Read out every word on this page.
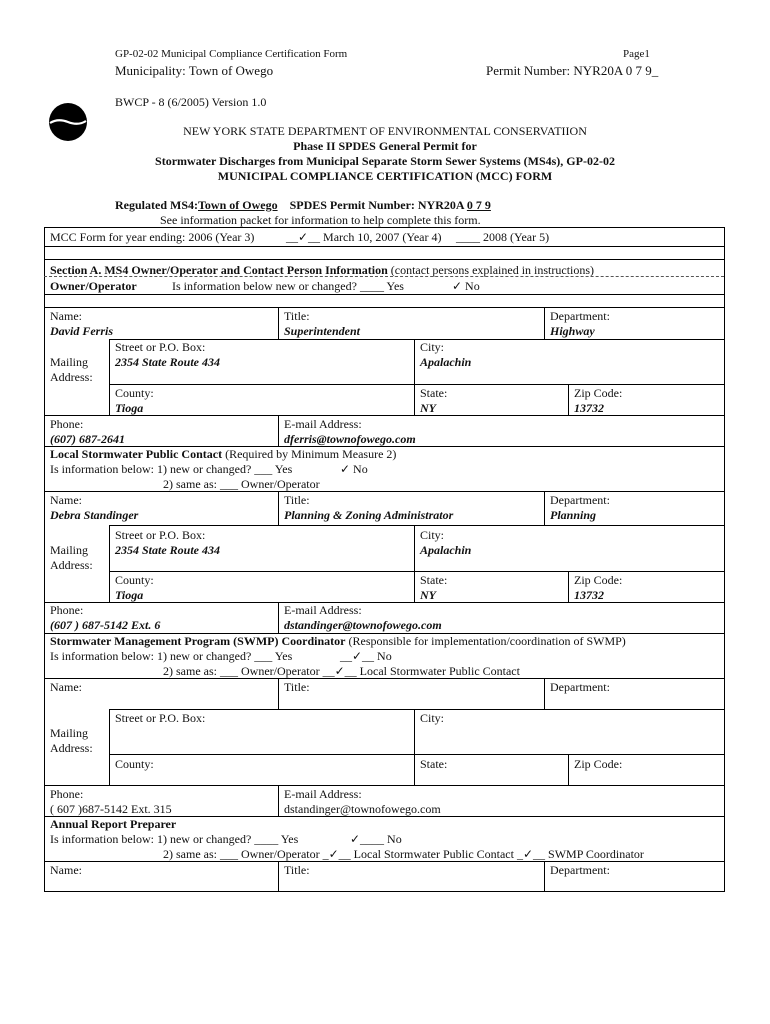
GP-02-02 Municipal Compliance Certification Form	Page1
Municipality: Town of Owego	Permit Number: NYR20A 0 7 9_
BWCP - 8 (6/2005) Version 1.0
NEW YORK STATE DEPARTMENT OF ENVIRONMENTAL CONSERVATIION
Phase II SPDES General Permit for
Stormwater Discharges from Municipal Separate Storm Sewer Systems (MS4s), GP-02-02
MUNICIPAL COMPLIANCE CERTIFICATION (MCC) FORM
Regulated MS4:Town of Owego SPDES Permit Number: NYR20A 0 7 9
See information packet for information to help complete this form.
MCC Form for year ending: 2006 (Year 3)	__✓__ March 10, 2007 (Year 4) ____ 2008 (Year 5)
Section A. MS4 Owner/Operator and Contact Person Information (contact persons explained in instructions)
Owner/Operator	Is information below new or changed? ____ Yes	✓ No
Name:
David Ferris
Title:
Superintendent
Department:
Highway
Street or P.O. Box:
2354 State Route 434
City:
Apalachin
Mailing
Address:
County:
Tioga
State:
NY
Zip Code:
13732
Phone:
(607) 687-2641
E-mail Address:
dferris@townofowego.com
Local Stormwater Public Contact (Required by Minimum Measure 2)
Is information below: 1) new or changed? ___ Yes	✓ No
2) same as: ___ Owner/Operator
Name:
Debra Standinger
Title:
Planning & Zoning Administrator
Department:
Planning
Street or P.O. Box:
2354 State Route 434
City:
Apalachin
Mailing
Address:
County:
Tioga
State:
NY
Zip Code:
13732
Phone:
(607 ) 687-5142 Ext. 6
E-mail Address:
dstandinger@townofowego.com
Stormwater Management Program (SWMP) Coordinator (Responsible for implementation/coordination of SWMP)
Is information below: 1) new or changed? ___ Yes	__✓__ No
2) same as: ___ Owner/Operator __✓__ Local Stormwater Public Contact
Name:	Title:	Department:
Street or P.O. Box:	City:
Mailing
Address:
County:	State:	Zip Code:
Phone:
( 607 )687-5142 Ext. 315
E-mail Address:
dstandinger@townofowego.com
Annual Report Preparer
Is information below: 1) new or changed? ____ Yes	✓____ No
2) same as: ___ Owner/Operator _✓__ Local Stormwater Public Contact _✓__ SWMP Coordinator
Name:	Title:	Department:
